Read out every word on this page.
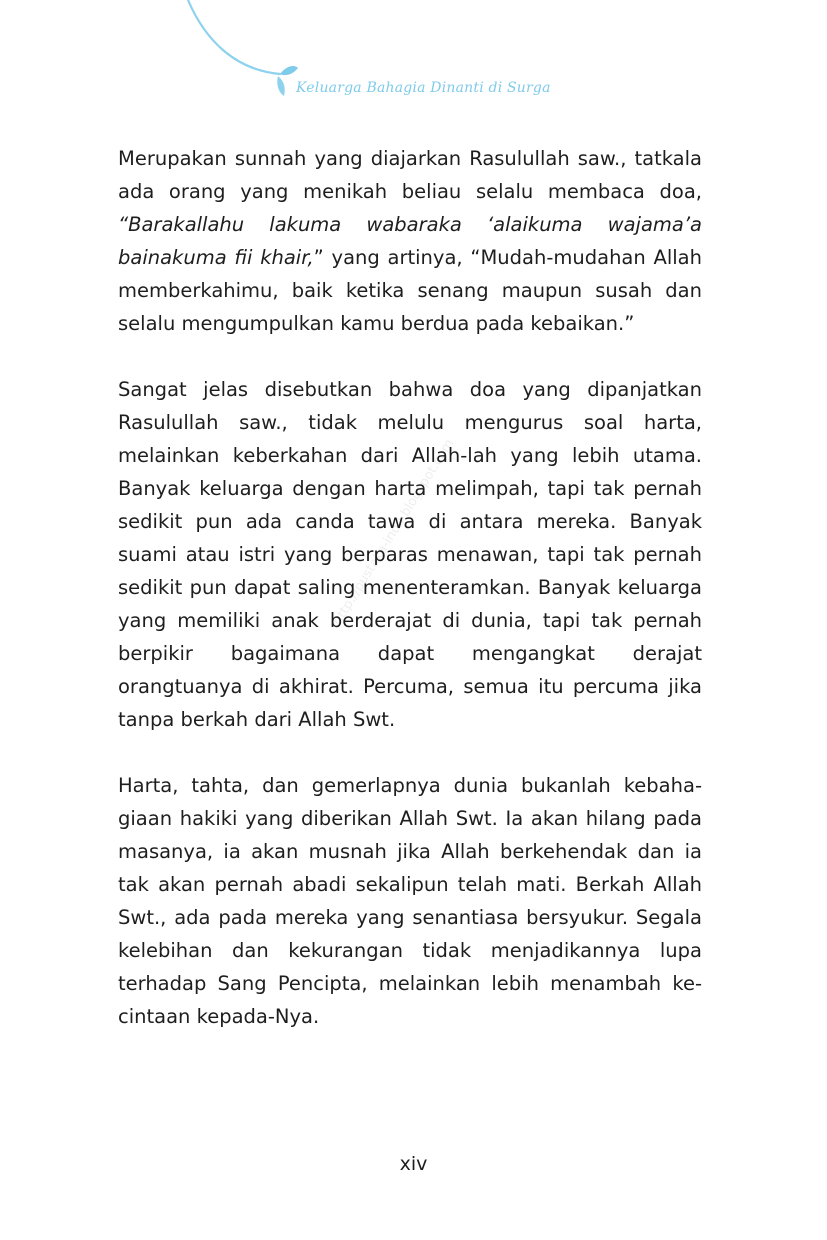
Keluarga Bahagia Dinanti di Surga
http://pustaka-indo.blogspot.com

Merupakan sunnah yang diajarkan Rasulullah saw., tatkala ada orang yang menikah beliau selalu membaca doa, “Barakallahu lakuma wabaraka ‘alaikuma wajama’a bainakuma fii khair,” yang artinya, “Mudah-mudahan Allah memberkahimu, baik ketika senang maupun susah dan selalu mengumpulkan kamu berdua pada kebaikan.”

Sangat jelas disebutkan bahwa doa yang dipanjatkan Rasulullah saw., tidak melulu mengurus soal harta, melainkan keberkahan dari Allah-lah yang lebih utama. Banyak keluarga dengan harta melimpah, tapi tak pernah sedikit pun ada canda tawa di antara mereka. Banyak suami atau istri yang berparas menawan, tapi tak pernah sedikit pun dapat saling menenteramkan. Banyak keluarga yang memiliki anak berderajat di dunia, tapi tak pernah berpikir bagaimana dapat mengangkat derajat orangtuanya di akhirat. Percuma, semua itu percuma jika tanpa berkah dari Allah Swt.

Harta, tahta, dan gemerlapnya dunia bukanlah kebahagiaan hakiki yang diberikan Allah Swt. Ia akan hilang pada masanya, ia akan musnah jika Allah berkehendak dan ia tak akan pernah abadi sekalipun telah mati. Berkah Allah Swt., ada pada mereka yang senantiasa bersyukur. Segala kelebihan dan kekurangan tidak menjadikannya lupa terhadap Sang Pencipta, melainkan lebih menambah kecintaan kepada-Nya.

xiv
